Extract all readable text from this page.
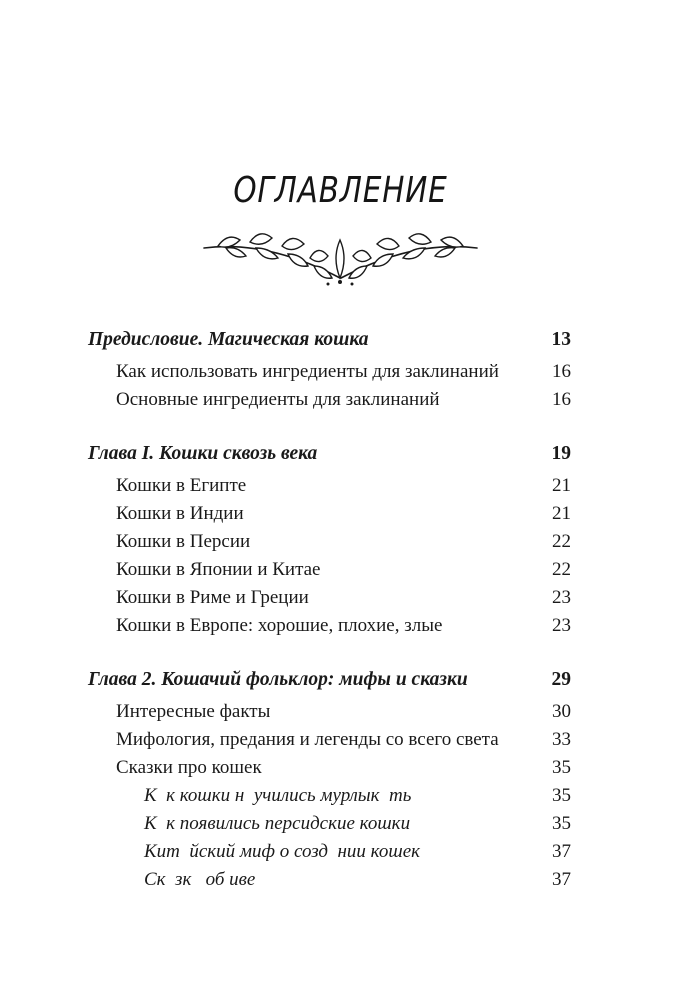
ОГЛАВЛЕНИЕ
Предисловие. Магическая кошка	13
Как использовать ингредиенты для заклинаний	16
Основные ингредиенты для заклинаний	16
Глава I. Кошки сквозь века	19
Кошки в Египте	21
Кошки в Индии	21
Кошки в Персии	22
Кошки в Японии и Китае	22
Кошки в Риме и Греции	23
Кошки в Европе: хорошие, плохие, злые	23
Глава 2. Кошачий фольклор: мифы и сказки	29
Интересные факты	30
Мифология, предания и легенды со всего света	33
Сказки про кошек	35
К  к кошки н  учились мурлык  ть	35
К  к появились персидские кошки	35
Кит  йский миф о созд  нии кошек	37
Ск  зк   об иве	37
